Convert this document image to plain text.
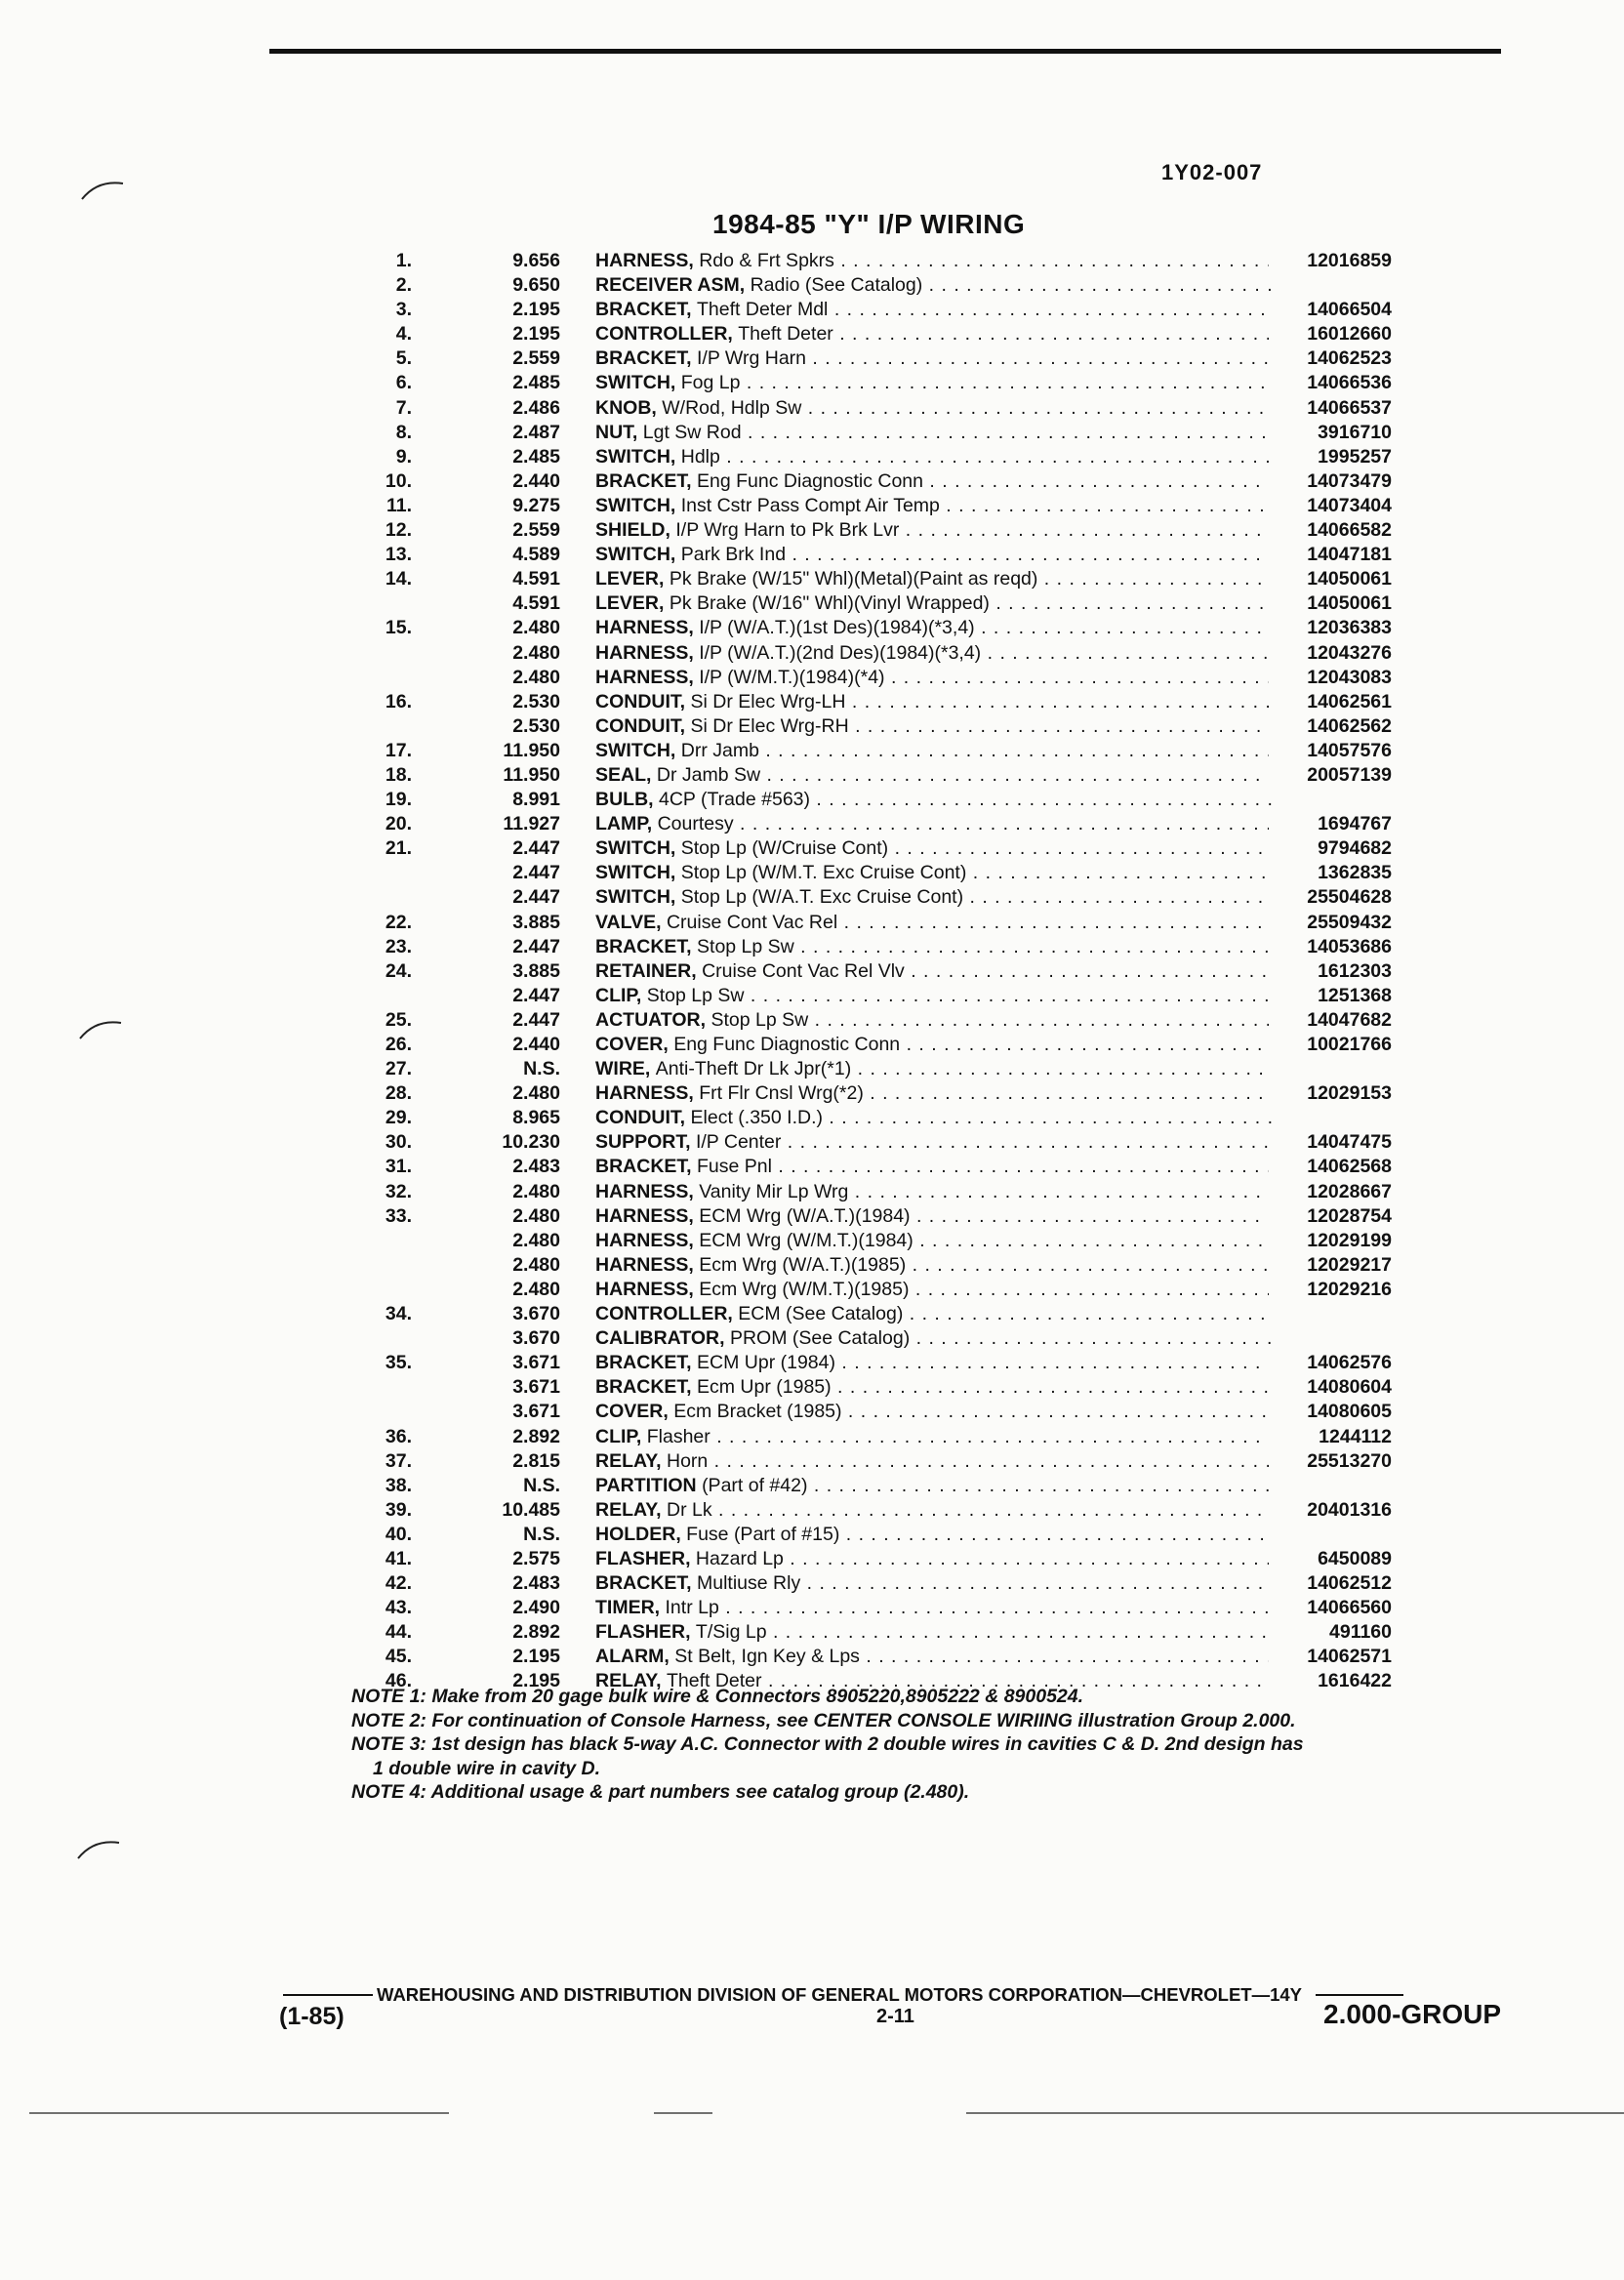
1Y02-007
1984-85 "Y" I/P WIRING
1.	9.656 HARNESS, Rdo & Frt Spkrs . . .	12016859
2.	9.650 RECEIVER ASM, Radio (See Catalog) . . .
3.	2.195 BRACKET, Theft Deter Mdl . . .	14066504
4.	2.195 CONTROLLER, Theft Deter . . .	16012660
5.	2.559 BRACKET, I/P Wrg Harn . . .	14062523
6.	2.485 SWITCH, Fog Lp . . .	14066536
7.	2.486 KNOB, W/Rod, Hdlp Sw . . .	14066537
8.	2.487 NUT, Lgt Sw Rod . . .	3916710
9.	2.485 SWITCH, Hdlp . . .	1995257
10.	2.440 BRACKET, Eng Func Diagnostic Conn . . .	14073479
11.	9.275 SWITCH, Inst Cstr Pass Compt Air Temp . . .	14073404
12.	2.559 SHIELD, I/P Wrg Harn to Pk Brk Lvr . . .	14066582
13.	4.589 SWITCH, Park Brk Ind . . .	14047181
14.	4.591 LEVER, Pk Brake (W/15" Whl)(Metal)(Paint as reqd) . . .	14050061
4.591 LEVER, Pk Brake (W/16" Whl)(Vinyl Wrapped) . . .	14050061
15.	2.480 HARNESS, I/P (W/A.T.)(1st Des)(1984)(*3,4) . . .	12036383
2.480 HARNESS, I/P (W/A.T.)(2nd Des)(1984)(*3,4) . . .	12043276
2.480 HARNESS, I/P (W/M.T.)(1984)(*4) . . .	12043083
16.	2.530 CONDUIT, Si Dr Elec Wrg-LH . . .	14062561
2.530 CONDUIT, Si Dr Elec Wrg-RH . . .	14062562
17.	11.950 SWITCH, Drr Jamb . . .	14057576
18.	11.950 SEAL, Dr Jamb Sw . . .	20057139
19.	8.991 BULB, 4CP (Trade #563) . . .
20.	11.927 LAMP, Courtesy . . .	1694767
21.	2.447 SWITCH, Stop Lp (W/Cruise Cont) . . .	9794682
2.447 SWITCH, Stop Lp (W/M.T. Exc Cruise Cont) . . .	1362835
2.447 SWITCH, Stop Lp (W/A.T. Exc Cruise Cont) . . .	25504628
22.	3.885 VALVE, Cruise Cont Vac Rel . . .	25509432
23.	2.447 BRACKET, Stop Lp Sw . . .	14053686
24.	3.885 RETAINER, Cruise Cont Vac Rel Vlv . . .	1612303
2.447 CLIP, Stop Lp Sw . . .	1251368
25.	2.447 ACTUATOR, Stop Lp Sw . . .	14047682
26.	2.440 COVER, Eng Func Diagnostic Conn . . .	10021766
27.	N.S. WIRE, Anti-Theft Dr Lk Jpr(*1) . . .
28.	2.480 HARNESS, Frt Flr Cnsl Wrg(*2) . . .	12029153
29.	8.965 CONDUIT, Elect (.350 I.D.) . . .
30.	10.230 SUPPORT, I/P Center . . .	14047475
31.	2.483 BRACKET, Fuse Pnl . . .	14062568
32.	2.480 HARNESS, Vanity Mir Lp Wrg . . .	12028667
33.	2.480 HARNESS, ECM Wrg (W/A.T.)(1984) . . .	12028754
2.480 HARNESS, ECM Wrg (W/M.T.)(1984) . . .	12029199
2.480 HARNESS, Ecm Wrg (W/A.T.)(1985) . . .	12029217
2.480 HARNESS, Ecm Wrg (W/M.T.)(1985) . . .	12029216
34.	3.670 CONTROLLER, ECM (See Catalog) . . .
3.670 CALIBRATOR, PROM (See Catalog) . . .
35.	3.671 BRACKET, ECM Upr (1984) . . .	14062576
3.671 BRACKET, Ecm Upr (1985) . . .	14080604
3.671 COVER, Ecm Bracket (1985) . . .	14080605
36.	2.892 CLIP, Flasher . . .	1244112
37.	2.815 RELAY, Horn . . .	25513270
38.	N.S. PARTITION (Part of #42) . . .
39.	10.485 RELAY, Dr Lk . . .	20401316
40.	N.S. HOLDER, Fuse (Part of #15) . . .
41.	2.575 FLASHER, Hazard Lp . . .	6450089
42.	2.483 BRACKET, Multiuse Rly . . .	14062512
43.	2.490 TIMER, Intr Lp . . .	14066560
44.	2.892 FLASHER, T/Sig Lp . . .	491160
45.	2.195 ALARM, St Belt, Ign Key & Lps . . .	14062571
46.	2.195 RELAY, Theft Deter . . .	1616422
NOTE 1: Make from 20 gage bulk wire & Connectors 8905220,8905222 & 8900524.
NOTE 2: For continuation of Console Harness, see CENTER CONSOLE WIRIING illustration Group 2.000.
NOTE 3: 1st design has black 5-way A.C. Connector with 2 double wires in cavities C & D. 2nd design has
1 double wire in cavity D.
NOTE 4: Additional usage & part numbers see catalog group (2.480).
WAREHOUSING AND DISTRIBUTION DIVISION OF GENERAL MOTORS CORPORATION—CHEVROLET—14Y
(1-85)	2-11	2.000-GROUP
